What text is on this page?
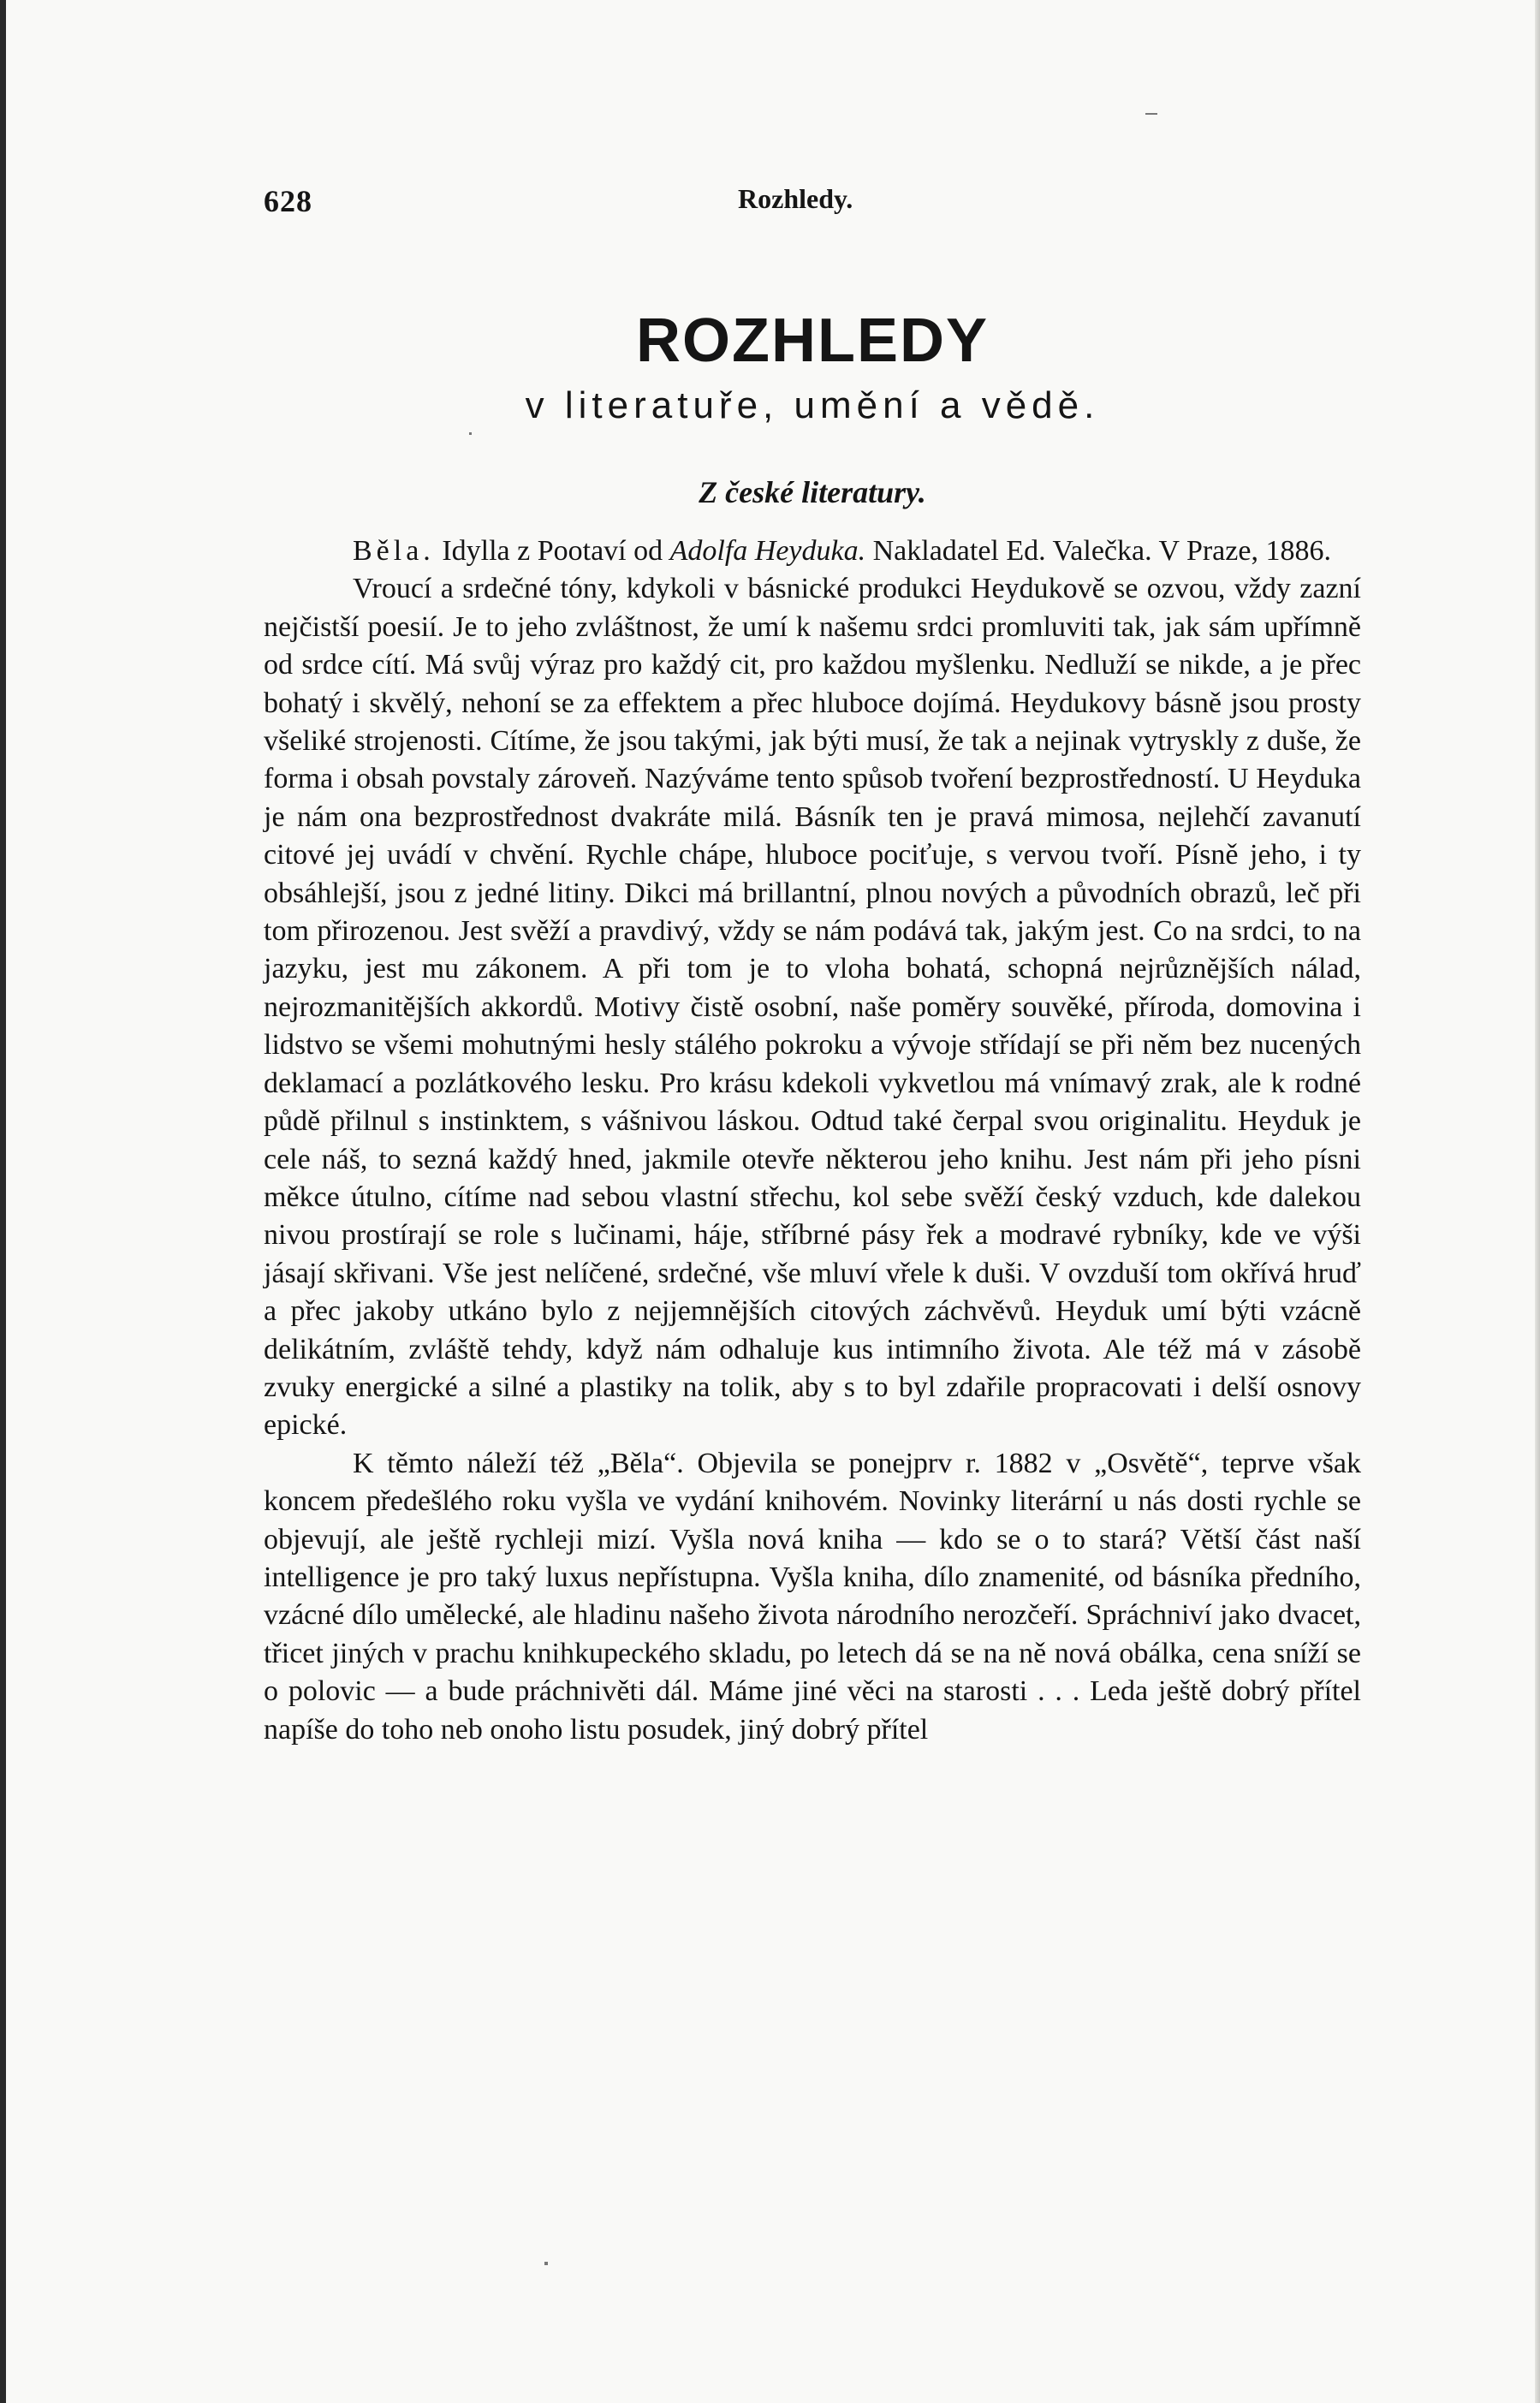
628	Rozhledy.
ROZHLEDY
v literatuře, umění a vědě.
Z české literatury.

Běla. Idylla z Pootaví od Adolfa Heyduka. Nakladatel Ed. Valečka. V Praze, 1886.

Vroucí a srdečné tóny, kdykoli v básnické produkci Heydukově se ozvou, vždy zazní nejčistší poesií. Je to jeho zvláštnost, že umí k našemu srdci promluviti tak, jak sám upřímně od srdce cítí. Má svůj výraz pro každý cit, pro každou myšlenku. Nedluží se nikde, a je přec bohatý i skvělý, nehoní se za effektem a přec hluboce dojímá. Heydukovy básně jsou prosty všeliké strojenosti. Cítíme, že jsou takými, jak býti musí, že tak a nejinak vytryskly z duše, že forma i obsah povstaly zároveň. Nazýváme tento spůsob tvoření bezprostředností. U Heyduka je nám ona bezprostřednost dvakráte milá. Básník ten je pravá mimosa, nejlehčí zavanutí citové jej uvádí v chvění. Rychle chápe, hluboce pociťuje, s vervou tvoří. Písně jeho, i ty obsáhlejší, jsou z jedné litiny. Dikci má brillantní, plnou nových a původních obrazů, leč při tom přirozenou. Jest svěží a pravdivý, vždy se nám podává tak, jakým jest. Co na srdci, to na jazyku, jest mu zákonem. A při tom je to vloha bohatá, schopná nejrůznějších nálad, nejrozmanitějších akkordů. Motivy čistě osobní, naše poměry souvěké, příroda, domovina i lidstvo se všemi mohutnými hesly stálého pokroku a vývoje střídají se při něm bez nucených deklamací a pozlátkového lesku. Pro krásu kdekoli vykvetlou má vnímavý zrak, ale k rodné půdě přilnul s instinktem, s vášnivou láskou. Odtud také čerpal svou originalitu. Heyduk je cele náš, to sezná každý hned, jakmile otevře některou jeho knihu. Jest nám při jeho písni měkce útulno, cítíme nad sebou vlastní střechu, kol sebe svěží český vzduch, kde dalekou nivou prostírají se role s lučinami, háje, stříbrné pásy řek a modravé rybníky, kde ve výši jásají skřivani. Vše jest nelíčené, srdečné, vše mluví vřele k duši. V ovzduší tom okřívá hruď a přec jakoby utkáno bylo z nejjemnějších citových záchvěvů. Heyduk umí býti vzácně delikátním, zvláště tehdy, když nám odhaluje kus intimního života. Ale též má v zásobě zvuky energické a silné a plastiky na tolik, aby s to byl zdařile propracovati i delší osnovy epické.

K těmto náleží též „Běla“. Objevila se ponejprv r. 1882 v „Osvětě“, teprve však koncem předešlého roku vyšla ve vydání knihovém. Novinky literární u nás dosti rychle se objevují, ale ještě rychleji mizí. Vyšla nová kniha — kdo se o to stará? Větší část naší intelligence je pro taký luxus nepřístupna. Vyšla kniha, dílo znamenité, od básníka předního, vzácné dílo umělecké, ale hladinu našeho života národního nerozčeří. Spráchniví jako dvacet, třicet jiných v prachu knihkupeckého skladu, po letech dá se na ně nová obálka, cena sníží se o polovic — a bude práchnivěti dál. Máme jiné věci na starosti . . . Leda ještě dobrý přítel napíše do toho neb onoho listu posudek, jiný dobrý přítel
